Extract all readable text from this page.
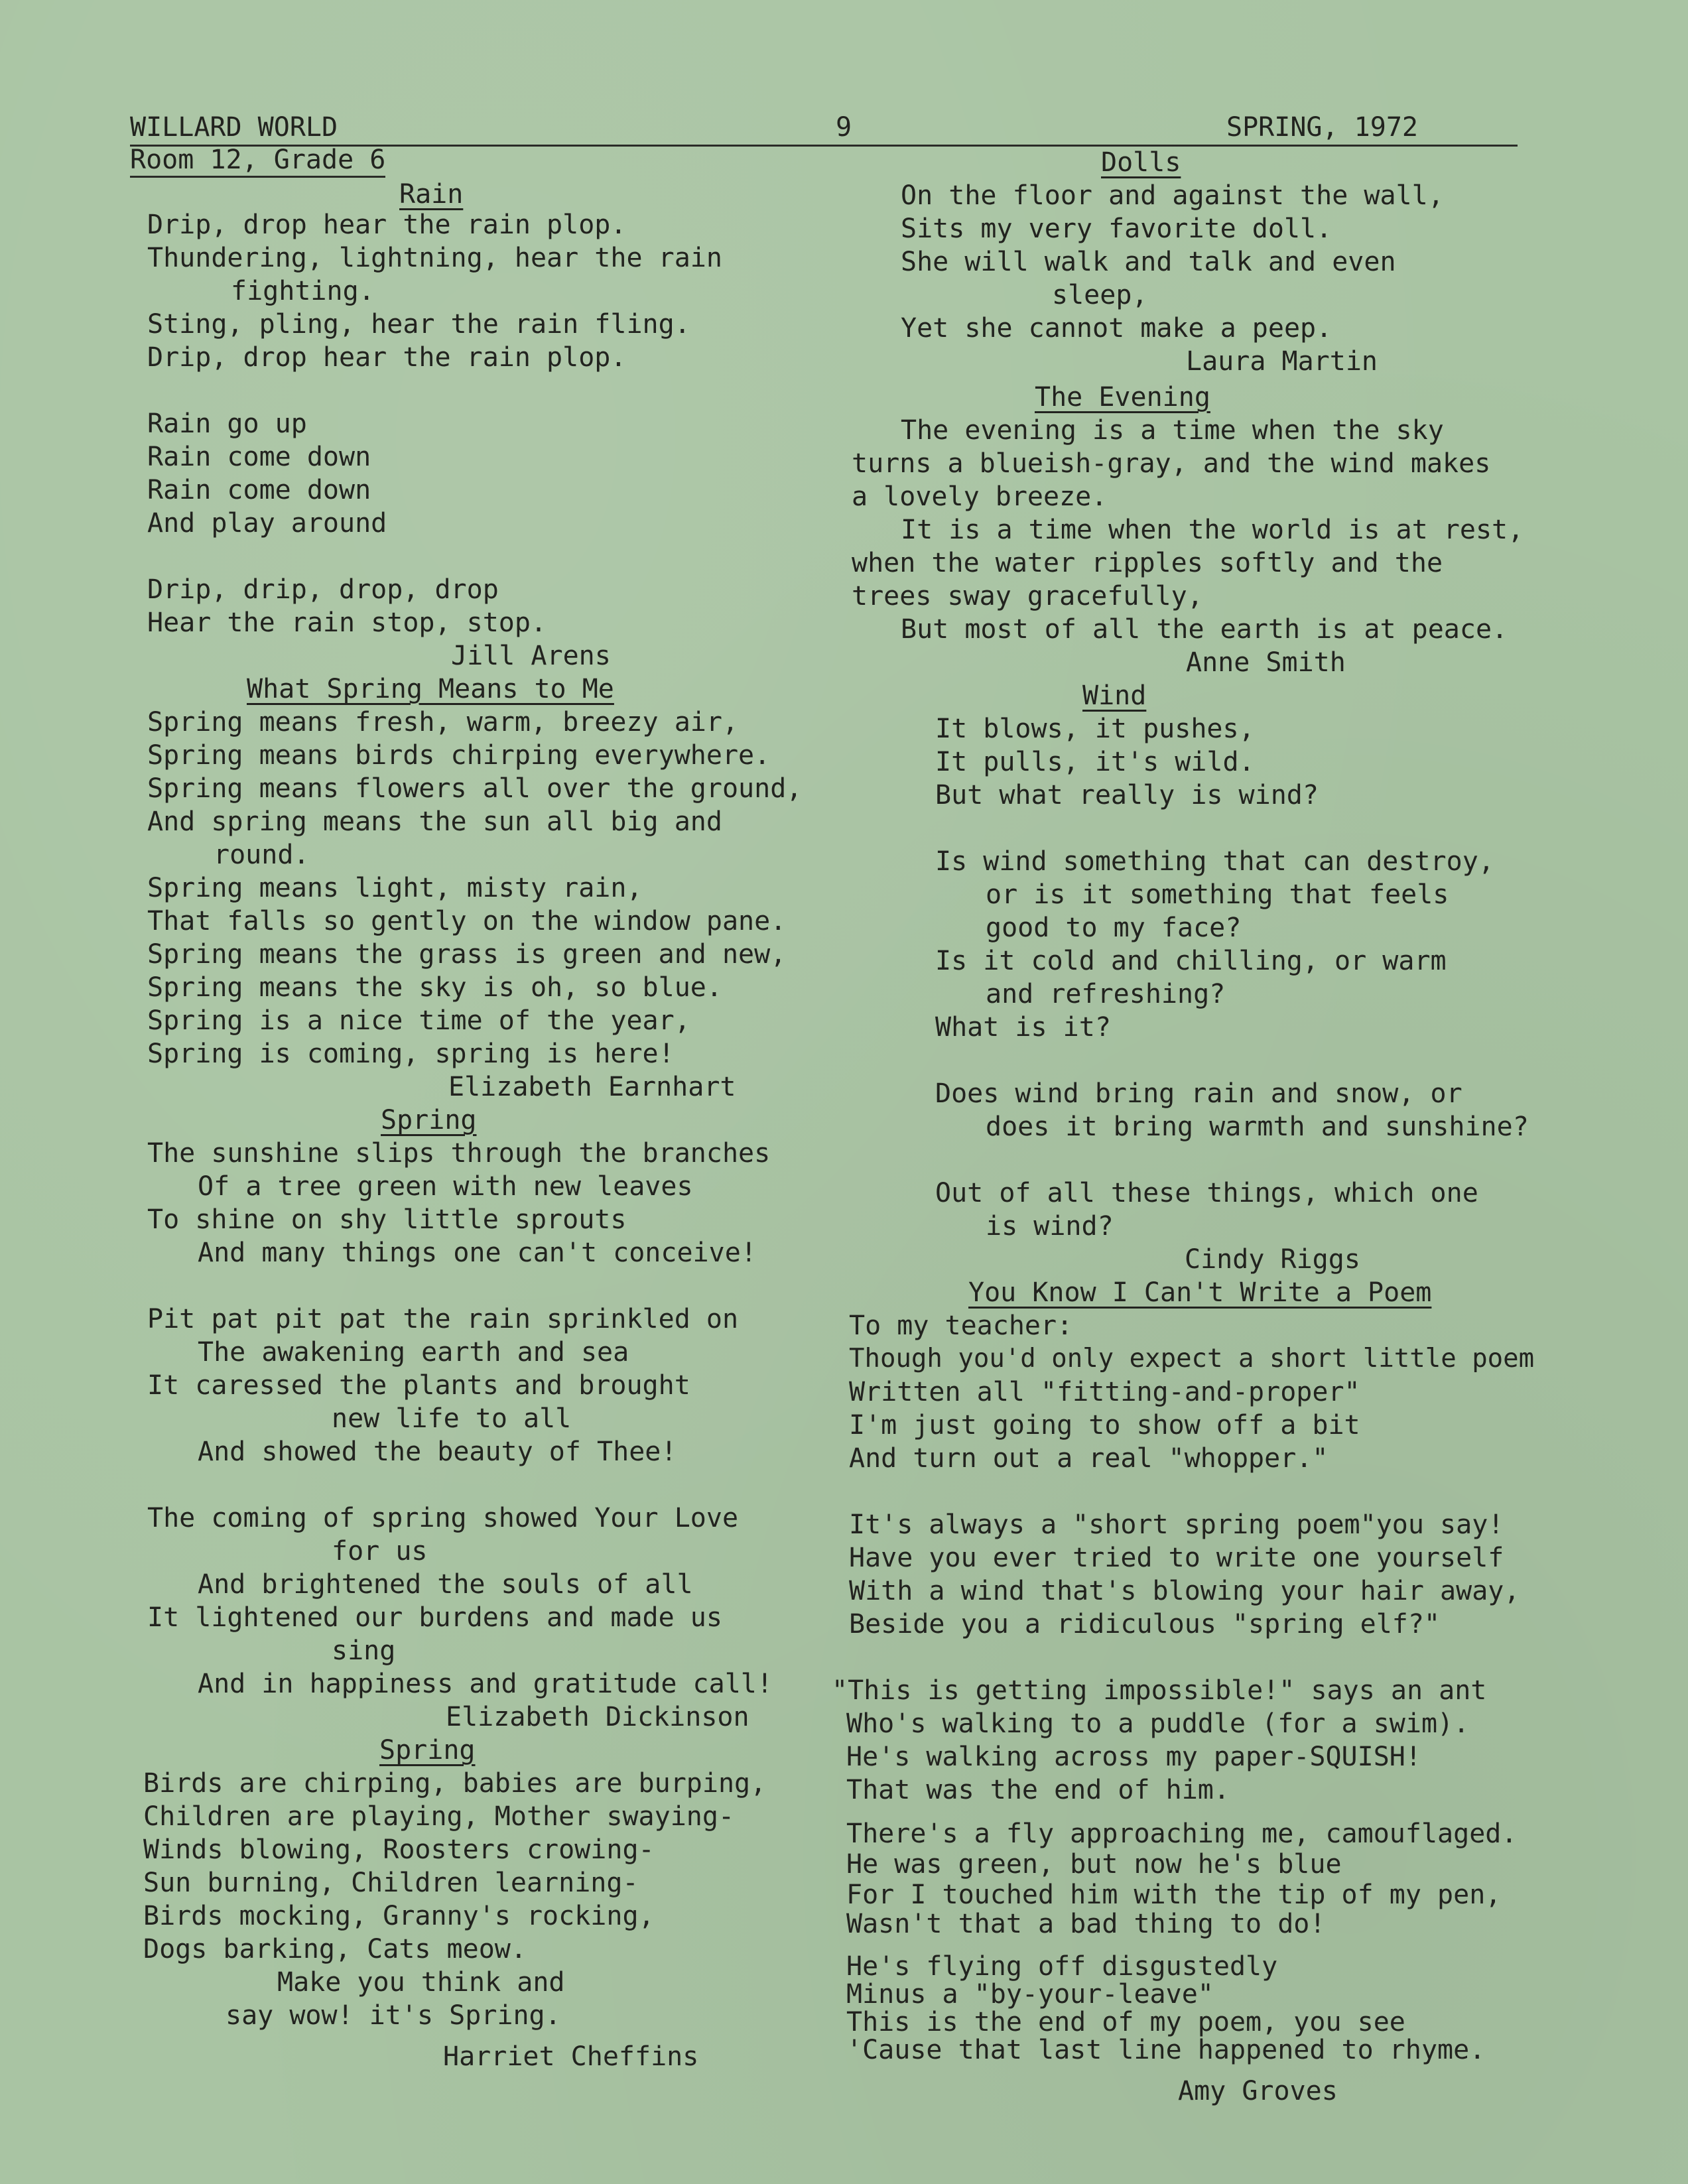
WILLARD WORLD	9	SPRING, 1972
Room 12, Grade 6
Rain
Drip, drop hear the rain plop.
Thundering, lightning, hear the rain
fighting.
Sting, pling, hear the rain fling.
Drip, drop hear the rain plop.
Rain go up
Rain come down
Rain come down
And play around
Drip, drip, drop, drop
Hear the rain stop, stop.
Jill Arens
What Spring Means to Me
Spring means fresh, warm, breezy air,
Spring means birds chirping everywhere.
Spring means flowers all over the ground,
And spring means the sun all big and
round.
Spring means light, misty rain,
That falls so gently on the window pane.
Spring means the grass is green and new,
Spring means the sky is oh, so blue.
Spring is a nice time of the year,
Spring is coming, spring is here!
Elizabeth Earnhart
Spring
The sunshine slips through the branches
Of a tree green with new leaves
To shine on shy little sprouts
And many things one can't conceive!
Pit pat pit pat the rain sprinkled on
The awakening earth and sea
It caressed the plants and brought
new life to all
And showed the beauty of Thee!
The coming of spring showed Your Love
for us
And brightened the souls of all
It lightened our burdens and made us
sing
And in happiness and gratitude call!
Elizabeth Dickinson
Spring
Birds are chirping, babies are burping,
Children are playing, Mother swaying-
Winds blowing, Roosters crowing-
Sun burning, Children learning-
Birds mocking, Granny's rocking,
Dogs barking, Cats meow.
Make you think and
say wow! it's Spring.
Harriet Cheffins
Dolls
On the floor and against the wall,
Sits my very favorite doll.
She will walk and talk and even
sleep,
Yet she cannot make a peep.
Laura Martin
The Evening
The evening is a time when the sky
turns a blueish-gray, and the wind makes
a lovely breeze.
It is a time when the world is at rest,
when the water ripples softly and the
trees sway gracefully,
But most of all the earth is at peace.
Anne Smith
Wind
It blows, it pushes,
It pulls, it's wild.
But what really is wind?
Is wind something that can destroy,
or is it something that feels
good to my face?
Is it cold and chilling, or warm
and refreshing?
What is it?
Does wind bring rain and snow, or
does it bring warmth and sunshine?
Out of all these things, which one
is wind?
Cindy Riggs
You Know I Can't Write a Poem
To my teacher:
Though you'd only expect a short little poem
Written all "fitting-and-proper"
I'm just going to show off a bit
And turn out a real "whopper."
It's always a "short spring poem"you say!
Have you ever tried to write one yourself
With a wind that's blowing your hair away,
Beside you a ridiculous "spring elf?"
"This is getting impossible!" says an ant
Who's walking to a puddle (for a swim).
He's walking across my paper-SQUISH!
That was the end of him.
There's a fly approaching me, camouflaged.
He was green, but now he's blue
For I touched him with the tip of my pen,
Wasn't that a bad thing to do!
He's flying off disgustedly
Minus a "by-your-leave"
This is the end of my poem, you see
'Cause that last line happened to rhyme.
Amy Groves
